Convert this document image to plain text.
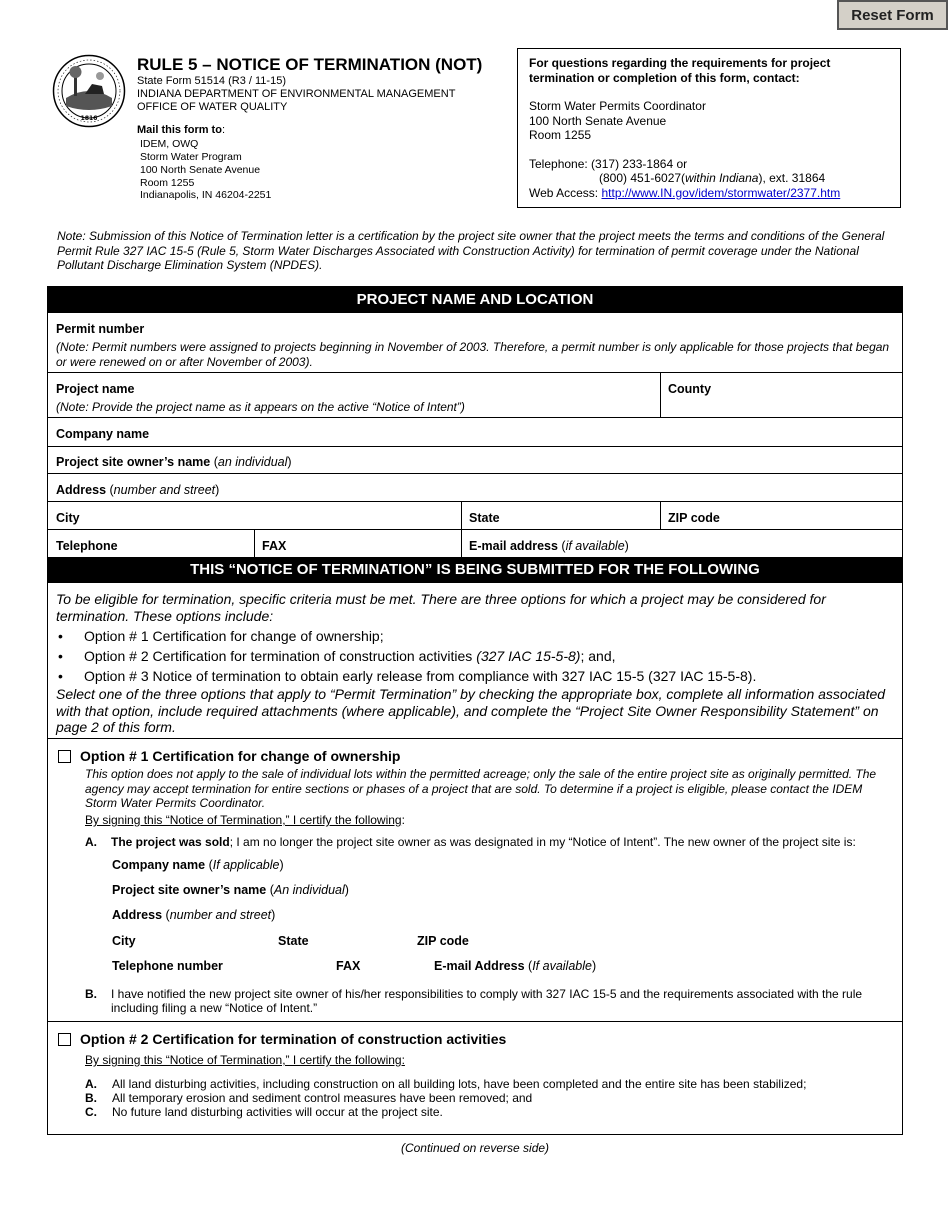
Reset Form
1816
RULE 5 – NOTICE OF TERMINATION (NOT)
State Form 51514 (R3 / 11-15)
INDIANA DEPARTMENT OF ENVIRONMENTAL MANAGEMENT
OFFICE OF WATER QUALITY
Mail this form to:
IDEM, OWQ
Storm Water Program
100 North Senate Avenue
Room 1255
Indianapolis, IN 46204-2251
For questions regarding the requirements for project termination or completion of this form, contact:
Storm Water Permits Coordinator
100 North Senate Avenue
Room 1255
Telephone: (317) 233-1864 or
(800) 451-6027(within Indiana), ext. 31864
Web Access: http://www.IN.gov/idem/stormwater/2377.htm
Note: Submission of this Notice of Termination letter is a certification by the project site owner that the project meets the terms and conditions of the General Permit Rule 327 IAC 15-5 (Rule 5, Storm Water Discharges Associated with Construction Activity) for termination of permit coverage under the National Pollutant Discharge Elimination System (NPDES).
PROJECT NAME AND LOCATION
Permit number
(Note: Permit numbers were assigned to projects beginning in November of 2003. Therefore, a permit number is only applicable for those projects that began or were renewed on or after November of 2003).
Project name
(Note: Provide the project name as it appears on the active “Notice of Intent”)
County
Company name
Project site owner’s name (an individual)
Address (number and street)
City	State	ZIP code
Telephone	FAX	E-mail address (if available)
THIS “NOTICE OF TERMINATION” IS BEING SUBMITTED FOR THE FOLLOWING
To be eligible for termination, specific criteria must be met. There are three options for which a project may be considered for termination. These options include:
• Option # 1 Certification for change of ownership;
• Option # 2 Certification for termination of construction activities (327 IAC 15-5-8); and,
• Option # 3 Notice of termination to obtain early release from compliance with 327 IAC 15-5 (327 IAC 15-5-8).
Select one of the three options that apply to “Permit Termination” by checking the appropriate box, complete all information associated with that option, include required attachments (where applicable), and complete the “Project Site Owner Responsibility Statement” on page 2 of this form.
Option # 1 Certification for change of ownership
This option does not apply to the sale of individual lots within the permitted acreage; only the sale of the entire project site as originally permitted. The agency may accept termination for entire sections or phases of a project that are sold. To determine if a project is eligible, please contact the IDEM Storm Water Permits Coordinator.
By signing this “Notice of Termination,” I certify the following:
A. The project was sold; I am no longer the project site owner as was designated in my “Notice of Intent”. The new owner of the project site is:
Company name (If applicable)
Project site owner’s name (An individual)
Address (number and street)
City	State	ZIP code
Telephone number	FAX	E-mail Address (If available)
B. I have notified the new project site owner of his/her responsibilities to comply with 327 IAC 15-5 and the requirements associated with the rule including filing a new “Notice of Intent.”
Option # 2 Certification for termination of construction activities
By signing this “Notice of Termination,” I certify the following:
A. All land disturbing activities, including construction on all building lots, have been completed and the entire site has been stabilized;
B. All temporary erosion and sediment control measures have been removed; and
C. No future land disturbing activities will occur at the project site.
(Continued on reverse side)
